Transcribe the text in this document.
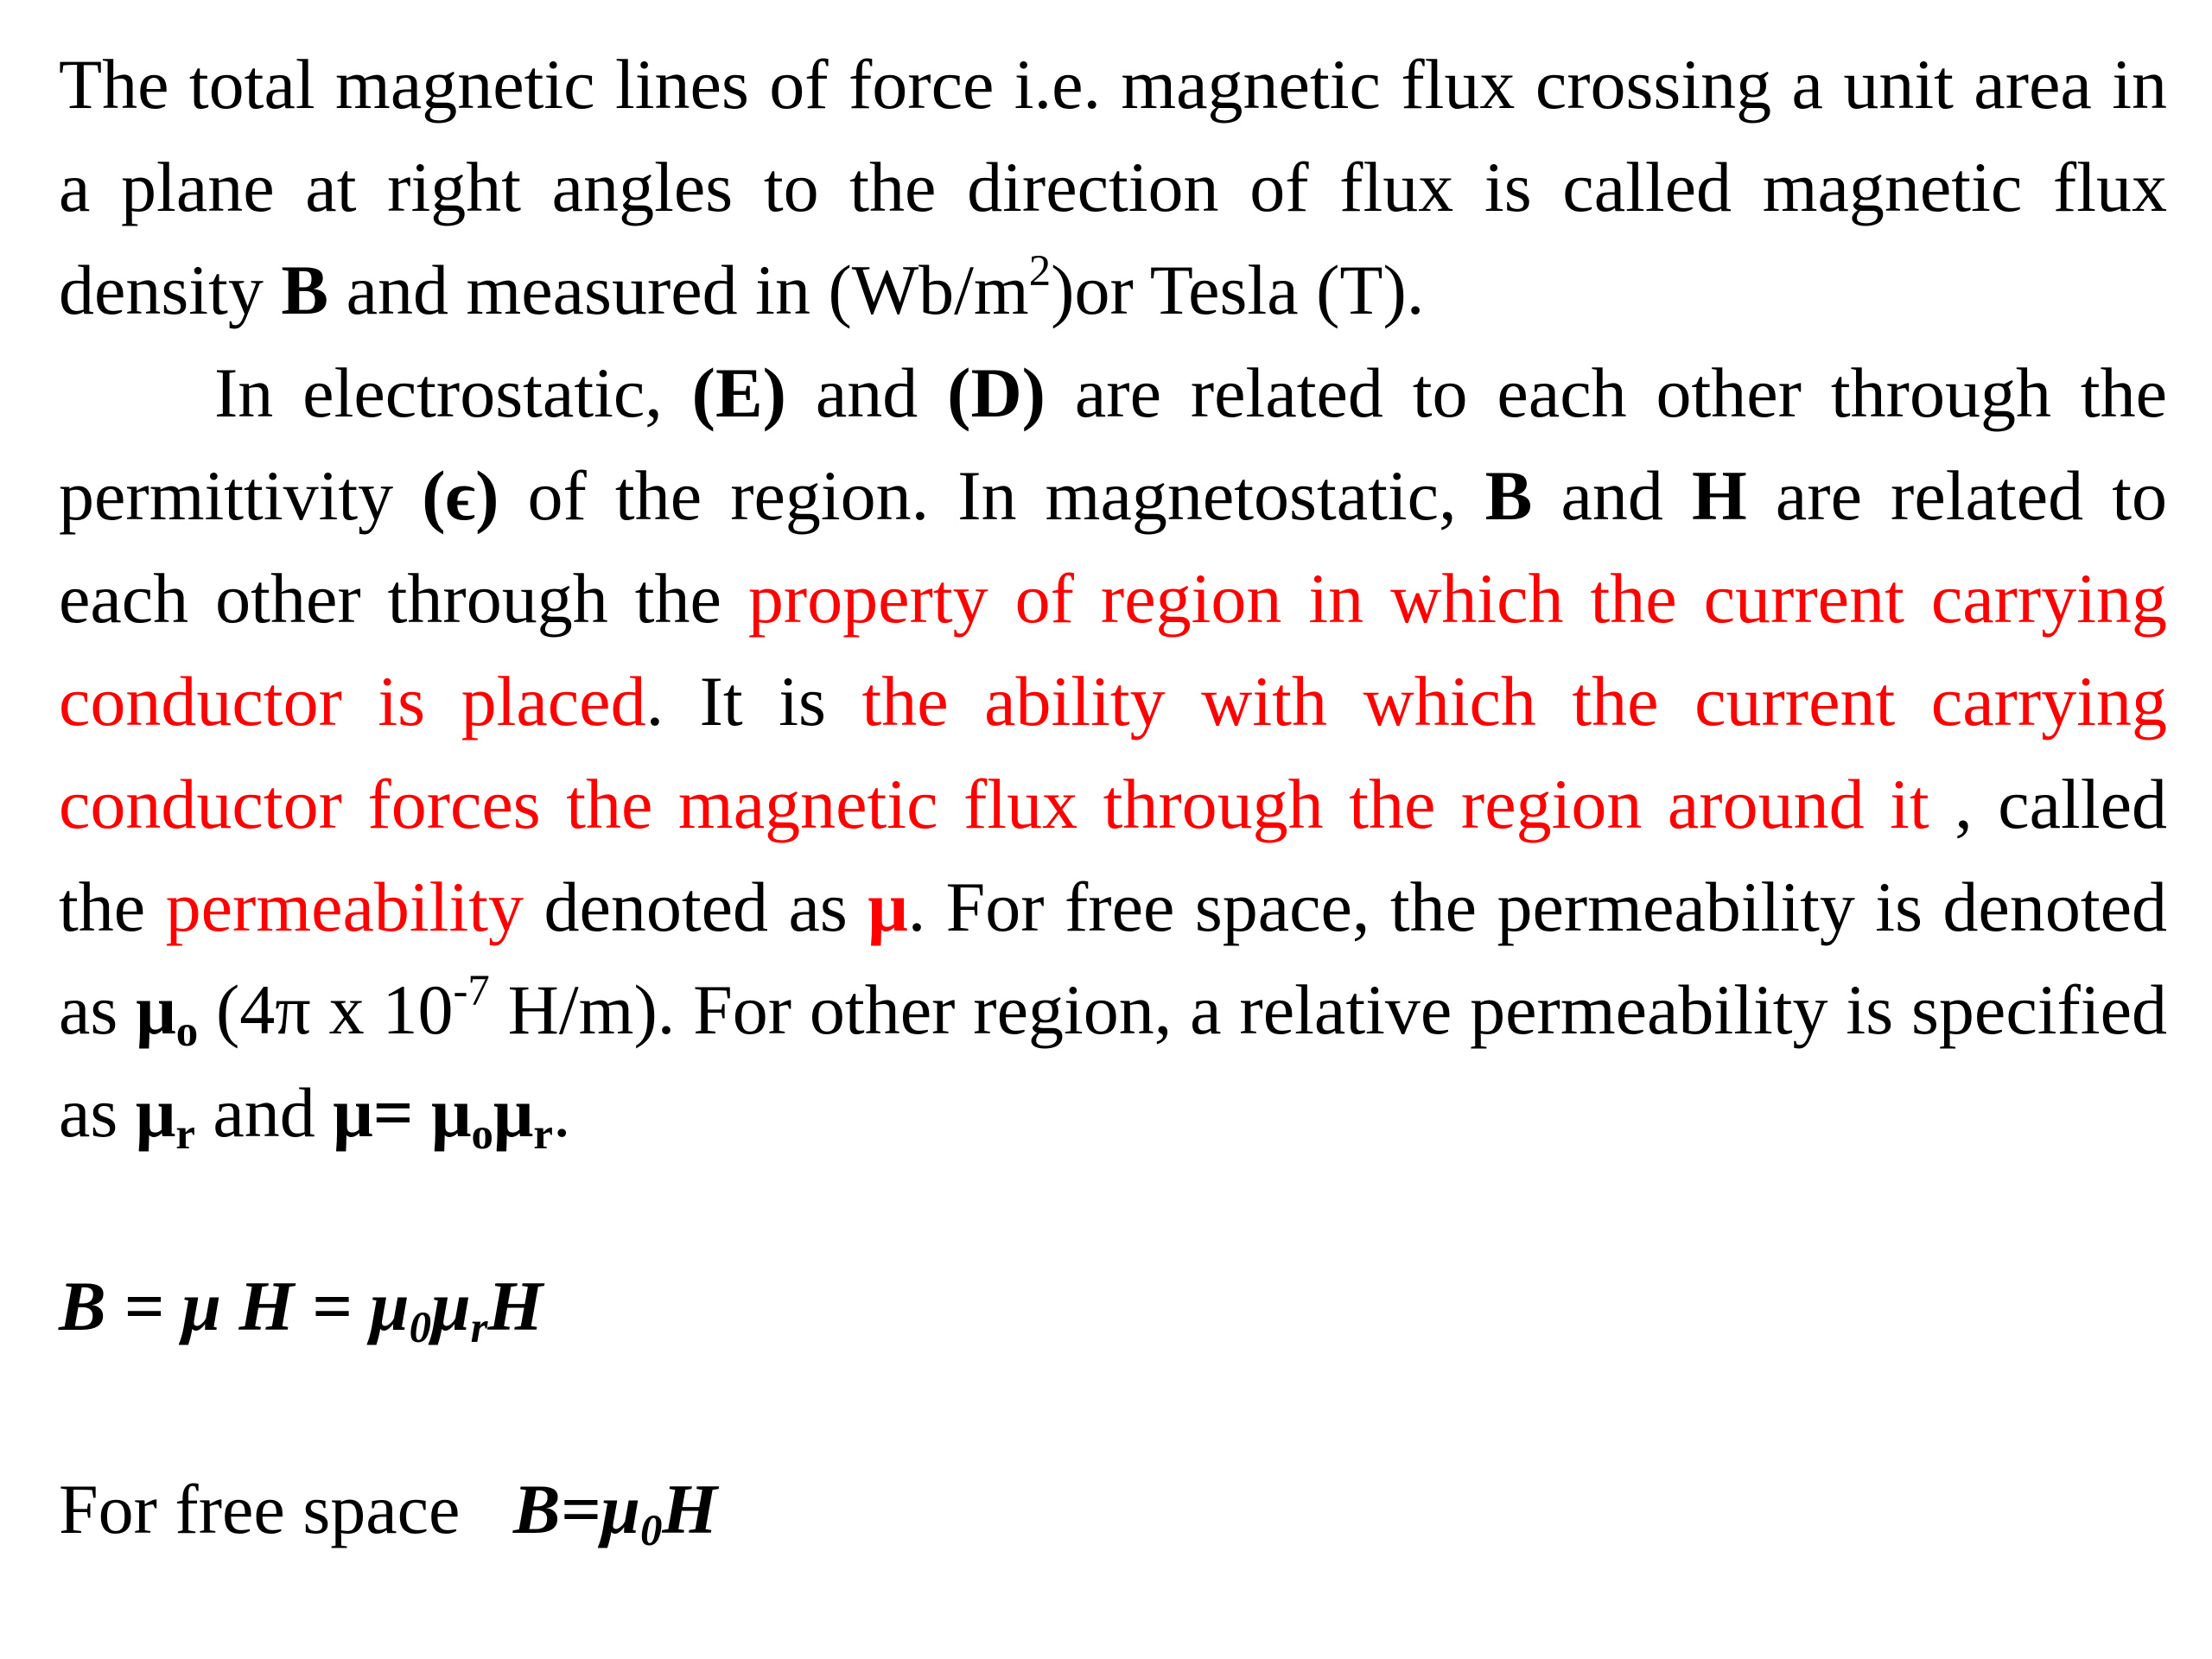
The total magnetic lines of force i.e. magnetic flux crossing a unit area in a plane at right angles to the direction of flux is called magnetic flux density B and measured in $(Wb/m^2)or$ Tesla (T).

In electrostatic, (E) and (D) are related to each other through the permittivity (ϵ) of the region. In magnetostatic, B and H are related to each other through the property of region in which the current carrying conductor is placed. It is the ability with which the current carrying conductor forces the magnetic flux through the region around it , called the permeability denoted as μ. For free space, the permeability is denoted as $\mu_o$ (4π x $10^{-7}$ H/m). For other region, a relative permeability is specified as $\mu_r$ and $\mu= \mu_o\mu_r$.

B = μ $H = \mu_0\mu_rH$

For free space $B=\mu_0H$
